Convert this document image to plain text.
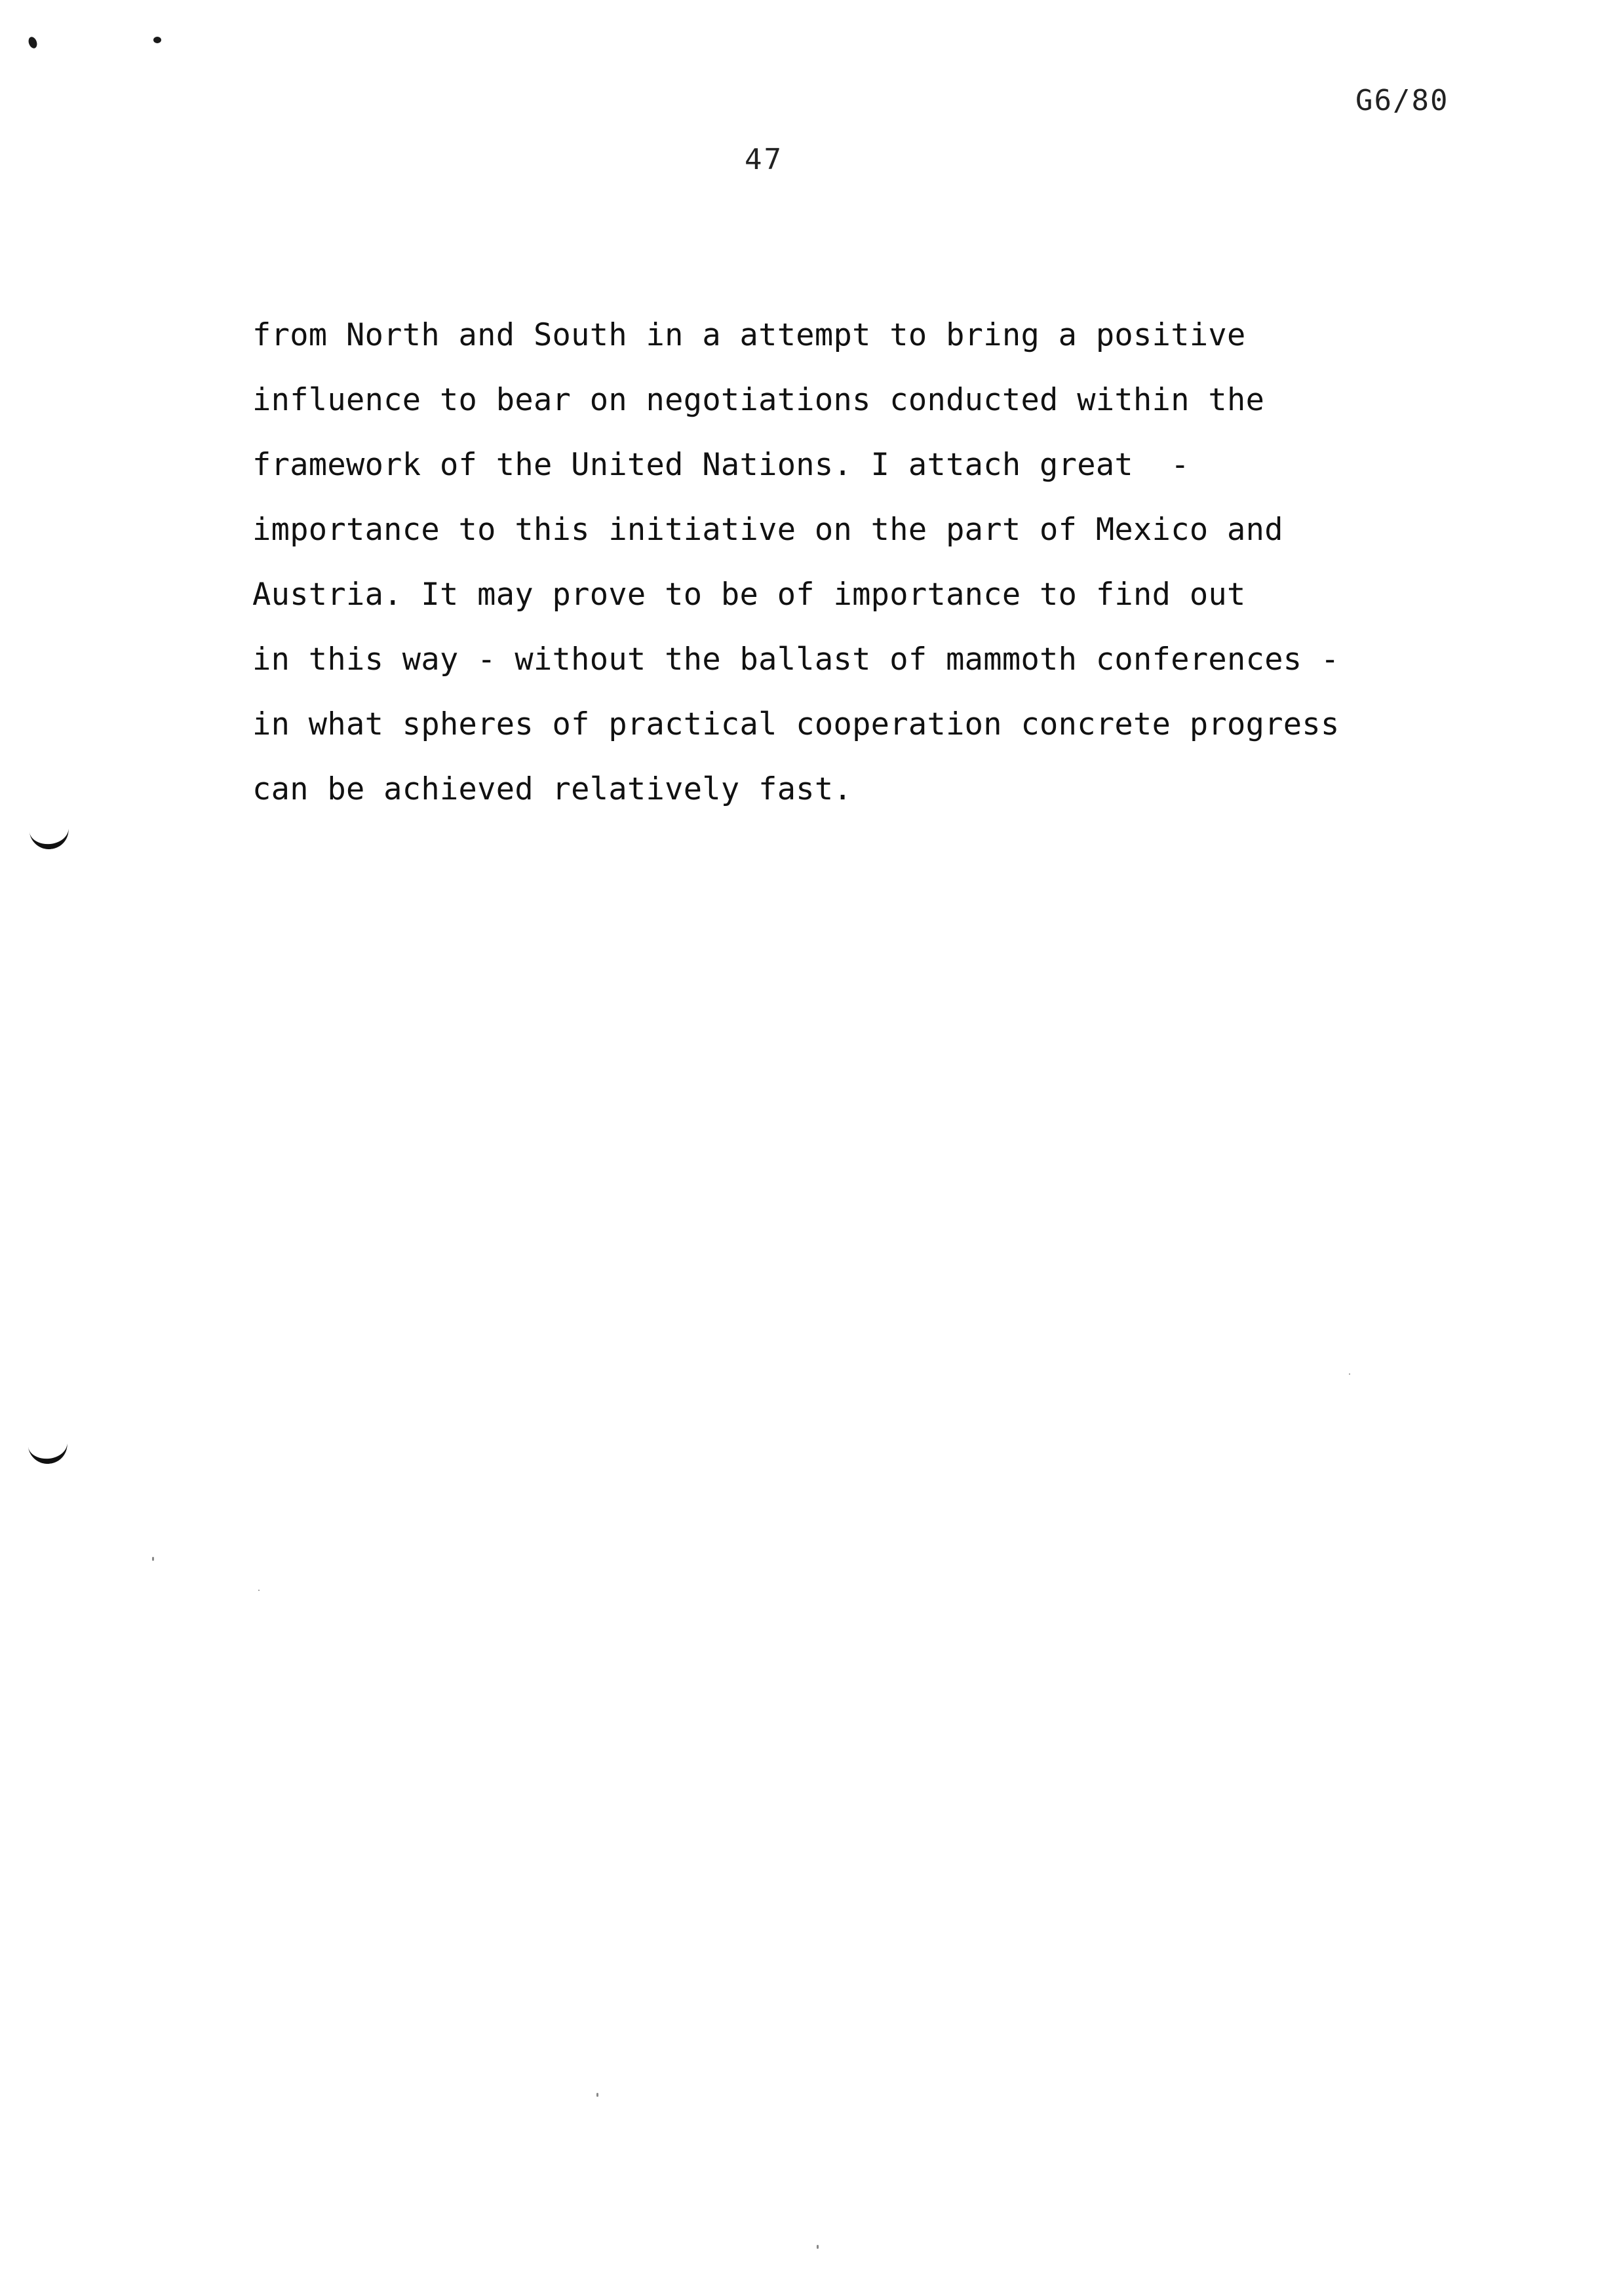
G6/80
47
from North and South in a attempt to bring a positive
influence to bear on negotiations conducted within the
framework of the United Nations. I attach great  -
importance to this initiative on the part of Mexico and
Austria. It may prove to be of importance to find out
in this way - without the ballast of mammoth conferences -
in what spheres of practical cooperation concrete progress
can be achieved relatively fast.
